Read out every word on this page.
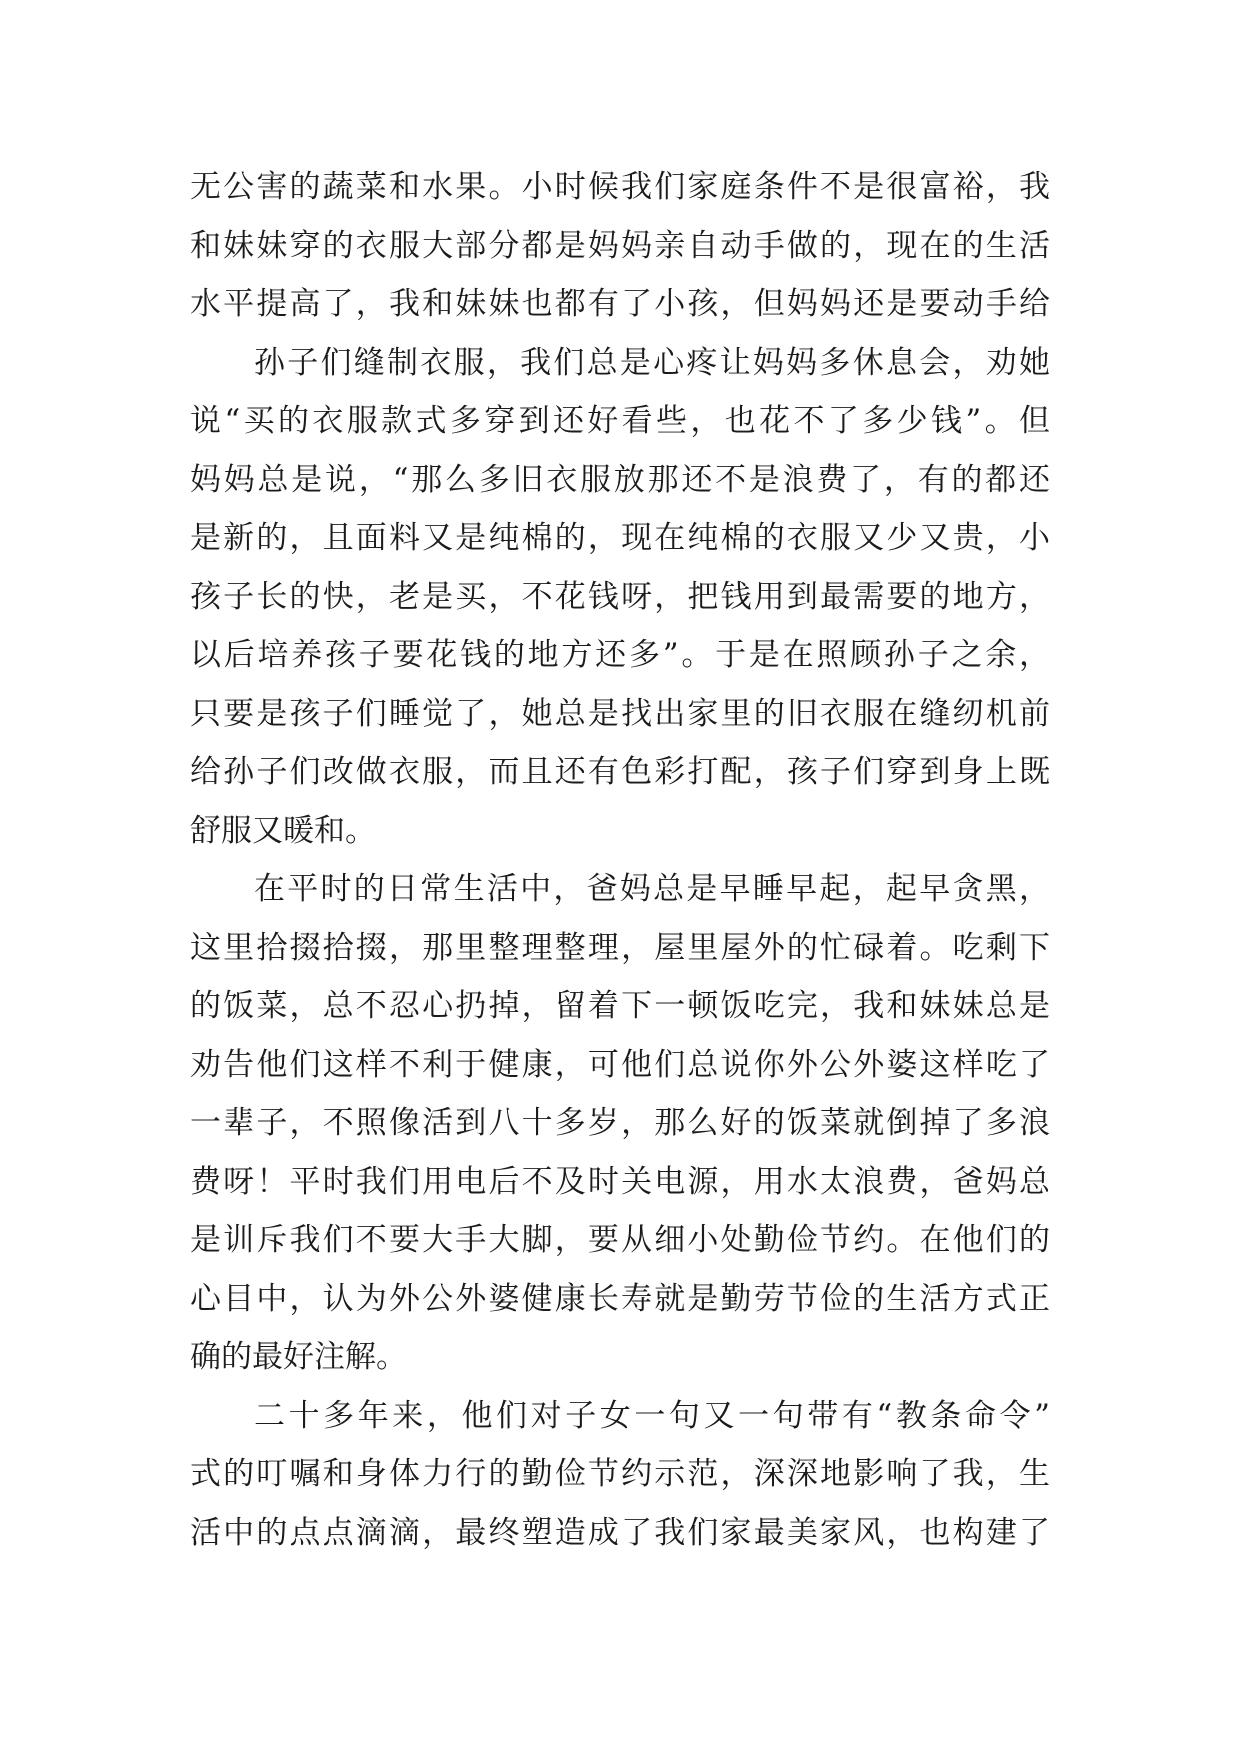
无公害的蔬菜和水果。小时候我们家庭条件不是很富裕，我
和妹妹穿的衣服大部分都是妈妈亲自动手做的，现在的生活
水平提高了，我和妹妹也都有了小孩，但妈妈还是要动手给
孙子们缝制衣服，我们总是心疼让妈妈多休息会，劝她
说“买的衣服款式多穿到还好看些，也花不了多少钱”。但
妈妈总是说，“那么多旧衣服放那还不是浪费了，有的都还
是新的，且面料又是纯棉的，现在纯棉的衣服又少又贵，小
孩子长的快，老是买，不花钱呀，把钱用到最需要的地方，
以后培养孩子要花钱的地方还多”。于是在照顾孙子之余，
只要是孩子们睡觉了，她总是找出家里的旧衣服在缝纫机前
给孙子们改做衣服，而且还有色彩打配，孩子们穿到身上既
舒服又暖和。
在平时的日常生活中，爸妈总是早睡早起，起早贪黑，
这里拾掇拾掇，那里整理整理，屋里屋外的忙碌着。吃剩下
的饭菜，总不忍心扔掉，留着下一顿饭吃完，我和妹妹总是
劝告他们这样不利于健康，可他们总说你外公外婆这样吃了
一辈子，不照像活到八十多岁，那么好的饭菜就倒掉了多浪
费呀！平时我们用电后不及时关电源，用水太浪费，爸妈总
是训斥我们不要大手大脚，要从细小处勤俭节约。在他们的
心目中，认为外公外婆健康长寿就是勤劳节俭的生活方式正
确的最好注解。
二十多年来，他们对子女一句又一句带有“教条命令”
式的叮嘱和身体力行的勤俭节约示范，深深地影响了我，生
活中的点点滴滴，最终塑造成了我们家最美家风，也构建了
